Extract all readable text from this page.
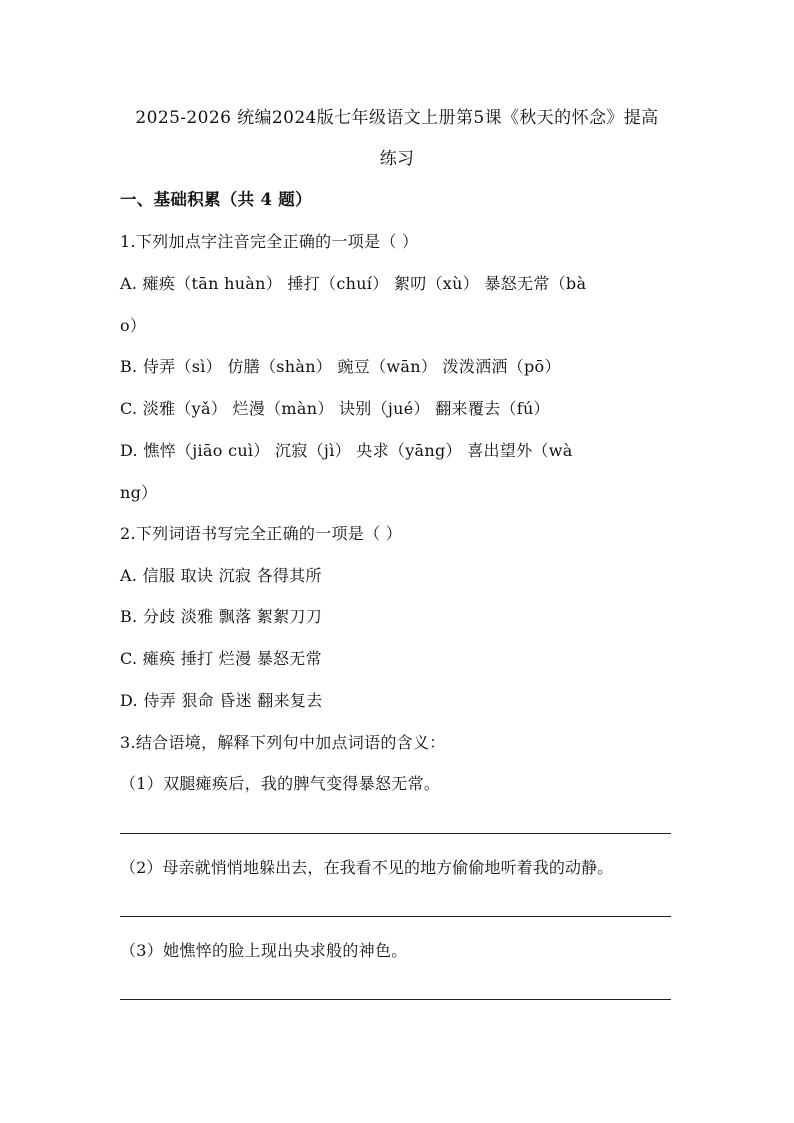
2025-2026 统编2024版七年级语文上册第5课《秋天的怀念》提高
练习
一、基础积累（共 4 题）
1.下列加点字注音完全正确的一项是（ ）
A. 瘫痪（tān huàn） 捶打（chuí） 絮叨（xù） 暴怒无常（bà
o）
B. 侍弄（sì） 仿膳（shàn） 豌豆（wān） 泼泼洒洒（pō）
C. 淡雅（yǎ） 烂漫（màn） 诀别（jué） 翻来覆去（fú）
D. 憔悴（jiāo cuì） 沉寂（jì） 央求（yāng） 喜出望外（wà
ng）
2.下列词语书写完全正确的一项是（ ）
A. 信服 取诀 沉寂 各得其所
B. 分歧 淡雅 飘落 絮絮刀刀
C. 瘫痪 捶打 烂漫 暴怒无常
D. 侍弄 狠命 昏迷 翻来复去
3.结合语境，解释下列句中加点词语的含义：
（1）双腿瘫痪后，我的脾气变得暴怒无常。
（2）母亲就悄悄地躲出去，在我看不见的地方偷偷地听着我的动静。
（3）她憔悴的脸上现出央求般的神色。
